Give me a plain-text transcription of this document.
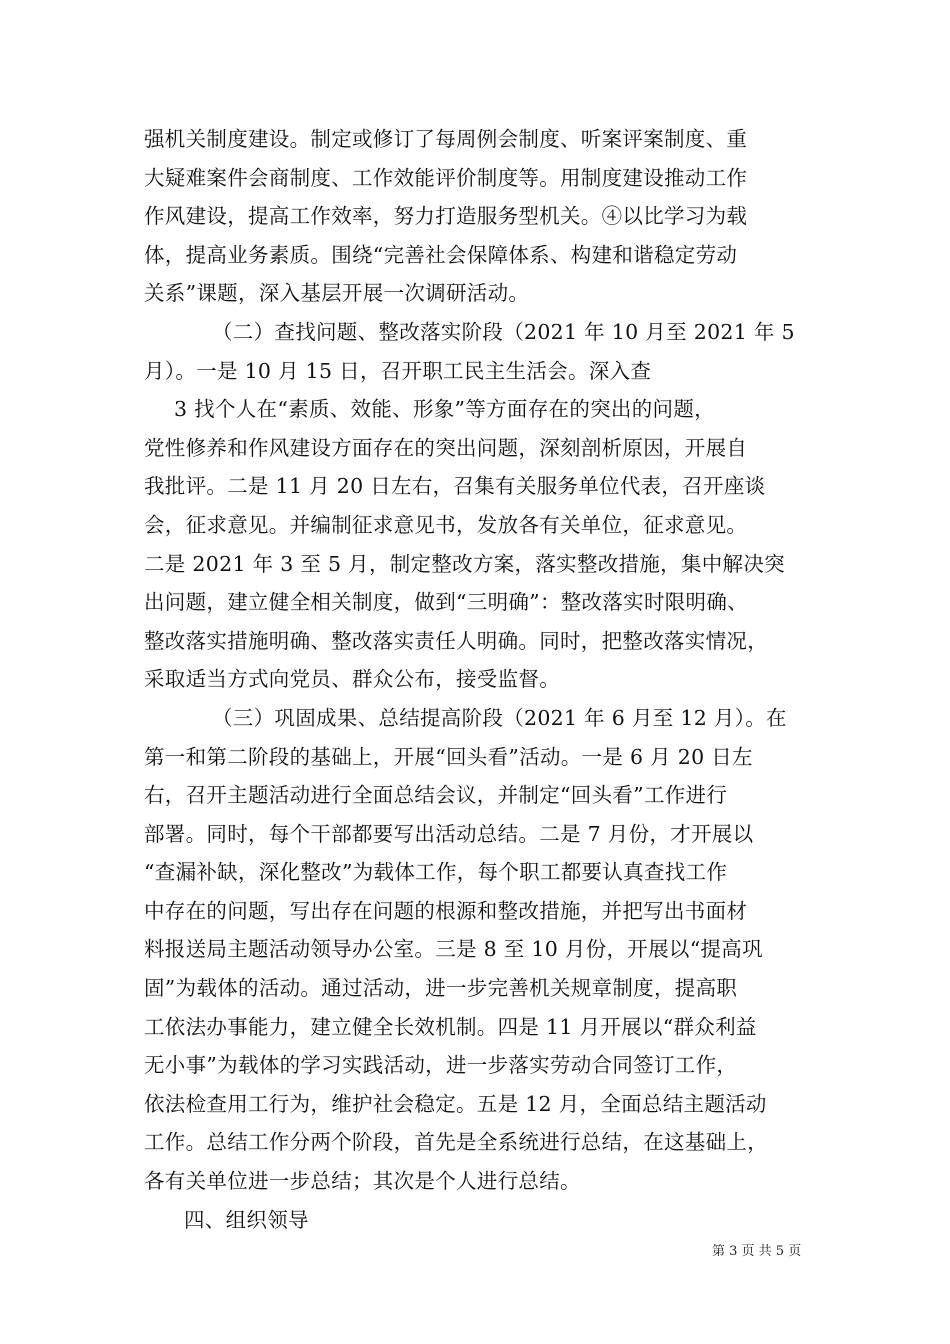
强机关制度建设。制定或修订了每周例会制度、听案评案制度、重
大疑难案件会商制度、工作效能评价制度等。用制度建设推动工作
作风建设，提高工作效率，努力打造服务型机关。④以比学习为载
体，提高业务素质。围绕“完善社会保障体系、构建和谐稳定劳动
关系”课题，深入基层开展一次调研活动。
（二）查找问题、整改落实阶段（2021 年 10 月至 2021 年 5
月）。一是 10 月 15 日，召开职工民主生活会。深入查
3 找个人在“素质、效能、形象”等方面存在的突出的问题，
党性修养和作风建设方面存在的突出问题，深刻剖析原因，开展自
我批评。二是 11 月 20 日左右，召集有关服务单位代表，召开座谈
会，征求意见。并编制征求意见书，发放各有关单位，征求意见。
二是 2021 年 3 至 5 月，制定整改方案，落实整改措施，集中解决突
出问题，建立健全相关制度，做到“三明确”：整改落实时限明确、
整改落实措施明确、整改落实责任人明确。同时，把整改落实情况，
采取适当方式向党员、群众公布，接受监督。
（三）巩固成果、总结提高阶段（2021 年 6 月至 12 月）。在
第一和第二阶段的基础上，开展“回头看”活动。一是 6 月 20 日左
右，召开主题活动进行全面总结会议，并制定“回头看”工作进行
部署。同时，每个干部都要写出活动总结。二是 7 月份，才开展以
“查漏补缺，深化整改”为载体工作，每个职工都要认真查找工作
中存在的问题，写出存在问题的根源和整改措施，并把写出书面材
料报送局主题活动领导办公室。三是 8 至 10 月份，开展以“提高巩
固”为载体的活动。通过活动，进一步完善机关规章制度，提高职
工依法办事能力，建立健全长效机制。四是 11 月开展以“群众利益
无小事”为载体的学习实践活动，进一步落实劳动合同签订工作，
依法检查用工行为，维护社会稳定。五是 12 月，全面总结主题活动
工作。总结工作分两个阶段，首先是全系统进行总结，在这基础上，
各有关单位进一步总结；其次是个人进行总结。
四、组织领导
第 3 页 共 5 页
